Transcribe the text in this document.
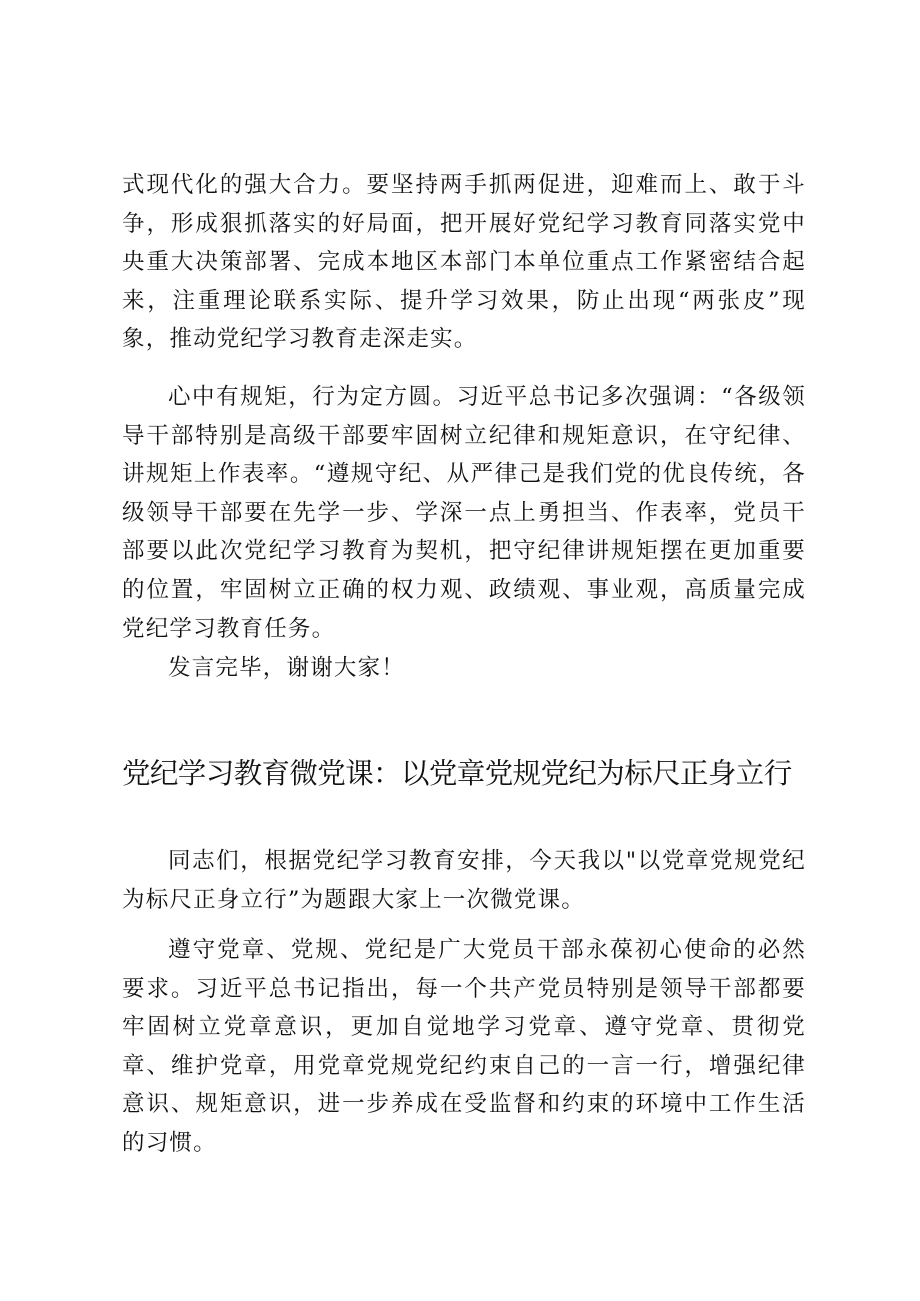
式现代化的强大合力。要坚持两手抓两促进，迎难而上、敢于斗争，形成狠抓落实的好局面，把开展好党纪学习教育同落实党中央重大决策部署、完成本地区本部门本单位重点工作紧密结合起来，注重理论联系实际、提升学习效果，防止出现“两张皮”现象，推动党纪学习教育走深走实。

心中有规矩，行为定方圆。习近平总书记多次强调：“各级领导干部特别是高级干部要牢固树立纪律和规矩意识，在守纪律、讲规矩上作表率。“遵规守纪、从严律己是我们党的优良传统，各级领导干部要在先学一步、学深一点上勇担当、作表率，党员干部要以此次党纪学习教育为契机，把守纪律讲规矩摆在更加重要的位置，牢固树立正确的权力观、政绩观、事业观，高质量完成党纪学习教育任务。

发言完毕，谢谢大家！

党纪学习教育微党课：以党章党规党纪为标尺正身立行

同志们，根据党纪学习教育安排，今天我以"以党章党规党纪为标尺正身立行”为题跟大家上一次微党课。

遵守党章、党规、党纪是广大党员干部永葆初心使命的必然要求。习近平总书记指出，每一个共产党员特别是领导干部都要牢固树立党章意识，更加自觉地学习党章、遵守党章、贯彻党章、维护党章，用党章党规党纪约束自己的一言一行，增强纪律意识、规矩意识，进一步养成在受监督和约束的环境中工作生活的习惯。
